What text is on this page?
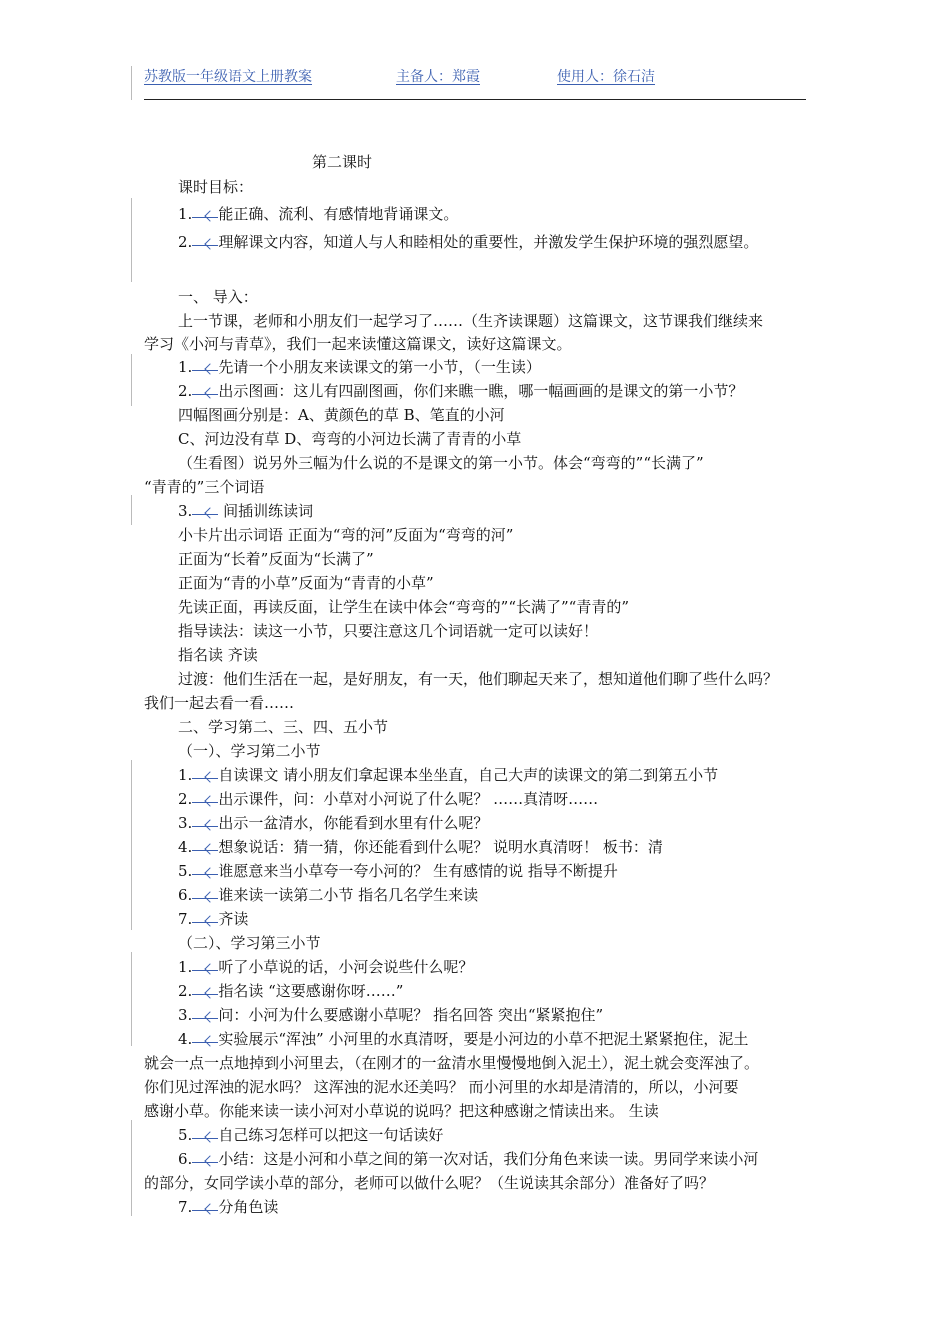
苏教版一年级语文上册教案	主备人：郑霞	使用人：徐石洁
第二课时
课时目标：
1. 能正确、流利、有感情地背诵课文。
2. 理解课文内容，知道人与人和睦相处的重要性，并激发学生保护环境的强烈愿望。
一、 导入：
上一节课，老师和小朋友们一起学习了……（生齐读课题）这篇课文，这节课我们继续来
学习《小河与青草》，我们一起来读懂这篇课文，读好这篇课文。
1. 先请一个小朋友来读课文的第一小节，（一生读）
2. 出示图画：这儿有四副图画，你们来瞧一瞧，哪一幅画画的是课文的第一小节？
四幅图画分别是：A、黄颜色的草 B、笔直的小河
C、河边没有草 D、弯弯的小河边长满了青青的小草
（生看图）说另外三幅为什么说的不是课文的第一小节。体会“弯弯的”“长满了”
“青青的”三个词语
3. 间插训练读词
小卡片出示词语 正面为“弯的河”反面为“弯弯的河”
正面为“长着”反面为“长满了”
正面为“青的小草”反面为“青青的小草”
先读正面，再读反面，让学生在读中体会“弯弯的”“长满了”“青青的”
指导读法：读这一小节，只要注意这几个词语就一定可以读好！
指名读 齐读
过渡：他们生活在一起，是好朋友，有一天，他们聊起天来了，想知道他们聊了些什么吗？
我们一起去看一看……
二、学习第二、三、四、五小节
（一）、学习第二小节
1. 自读课文 请小朋友们拿起课本坐坐直，自己大声的读课文的第二到第五小节
2. 出示课件，问：小草对小河说了什么呢？ ……真清呀……
3. 出示一盆清水，你能看到水里有什么呢？
4. 想象说话：猜一猜，你还能看到什么呢？ 说明水真清呀！ 板书：清
5. 谁愿意来当小草夸一夸小河的？ 生有感情的说 指导不断提升
6. 谁来读一读第二小节 指名几名学生来读
7. 齐读
（二）、学习第三小节
1. 听了小草说的话，小河会说些什么呢？
2. 指名读 “这要感谢你呀……”
3. 问：小河为什么要感谢小草呢？ 指名回答 突出“紧紧抱住”
4. 实验展示“浑浊” 小河里的水真清呀，要是小河边的小草不把泥土紧紧抱住，泥土
就会一点一点地掉到小河里去，（在刚才的一盆清水里慢慢地倒入泥土），泥土就会变浑浊了。
你们见过浑浊的泥水吗？ 这浑浊的泥水还美吗？ 而小河里的水却是清清的，所以，小河要
感谢小草。你能来读一读小河对小草说的说吗？把这种感谢之情读出来。 生读
5. 自己练习怎样可以把这一句话读好
6. 小结：这是小河和小草之间的第一次对话，我们分角色来读一读。男同学来读小河
的部分，女同学读小草的部分，老师可以做什么呢？（生说读其余部分）准备好了吗？
7. 分角色读
